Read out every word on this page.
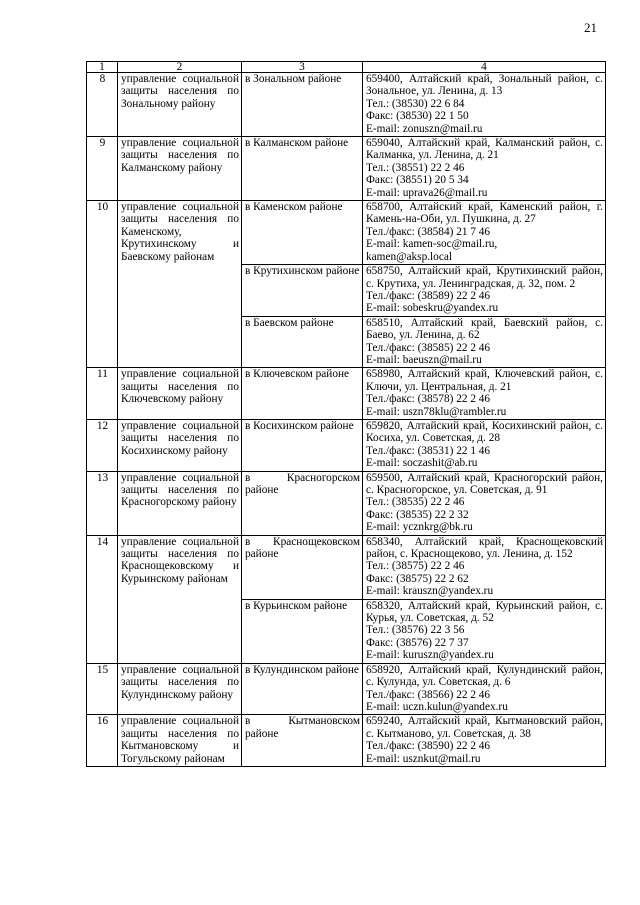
21
1	2	3	4
8	управление социальной защиты населения по Зональному району	в Зональном районе	659400, Алтайский край, Зональный район, с. Зональное, ул. Ленина, д. 13
Тел.: (38530) 22 6 84
Факс: (38530) 22 1 50
E-mail: zonuszn@mail.ru

9	управление социальной защиты населения по Калманскому району	в Калманском районе	659040, Алтайский край, Калманский район, с. Калманка, ул. Ленина, д. 21
Тел.: (38551) 22 2 46
Факс: (38551) 20 5 34
E-mail: uprava26@mail.ru

10	управление социальной защиты населения по Каменскому, Крутихинскому и Баевскому районам	в Каменском районе	658700, Алтайский край, Каменский район, г. Камень-на-Оби, ул. Пушкина, д. 27
Тел./факс: (38584) 21 7 46
E-mail: kamen-soc@mail.ru,
kamen@aksp.local

		в Крутихинском районе	658750, Алтайский край, Крутихинский район, с. Крутиха, ул. Ленинградская, д. 32, пом. 2
Тел./факс: (38589) 22 2 46
E-mail: sobeskru@yandex.ru

		в Баевском районе	658510, Алтайский край, Баевский район, с. Баево, ул. Ленина, д. 62
Тел./факс: (38585) 22 2 46
E-mail: baeuszn@mail.ru

11	управление социальной защиты населения по Ключевскому району	в Ключевском районе	658980, Алтайский край, Ключевский район, с. Ключи, ул. Центральная, д. 21
Тел./факс: (38578) 22 2 46
E-mail: uszn78klu@rambler.ru

12	управление социальной защиты населения по Косихинскому району	в Косихинском районе	659820, Алтайский край, Косихинский район, с. Косиха, ул. Советская, д. 28
Тел./факс: (38531) 22 1 46
E-mail: soczashit@ab.ru

13	управление социальной защиты населения по Красногорскому району	в Красногорском районе	659500, Алтайский край, Красногорский район, с. Красногорское, ул. Советская, д. 91
Тел.: (38535) 22 2 46
Факс: (38535) 22 2 32
E-mail: ycznkrg@bk.ru

14	управление социальной защиты населения по Краснощековскому и Курьинскому районам	в Краснощековском районе	658340, Алтайский край, Краснощековский район, с. Краснощеково, ул. Ленина, д. 152
Тел.: (38575) 22 2 46
Факс: (38575) 22 2 62
E-mail: krauszn@yandex.ru

		в Курьинском районе	658320, Алтайский край, Курьинский район, с. Курья, ул. Советская, д. 52
Тел.: (38576) 22 3 56
Факс: (38576) 22 7 37
E-mail: kuruszn@yandex.ru

15	управление социальной защиты населения по Кулундинскому району	в Кулундинском районе	658920, Алтайский край, Кулундинский район, с. Кулунда, ул. Советская, д. 6
Тел./факс: (38566) 22 2 46
E-mail: uczn.kulun@yandex.ru

16	управление социальной защиты населения по Кытмановскому и Тогульскому районам	в Кытмановском районе	659240, Алтайский край, Кытмановский район, с. Кытманово, ул. Советская, д. 38
Тел./факс: (38590) 22 2 46
E-mail: usznkut@mail.ru
